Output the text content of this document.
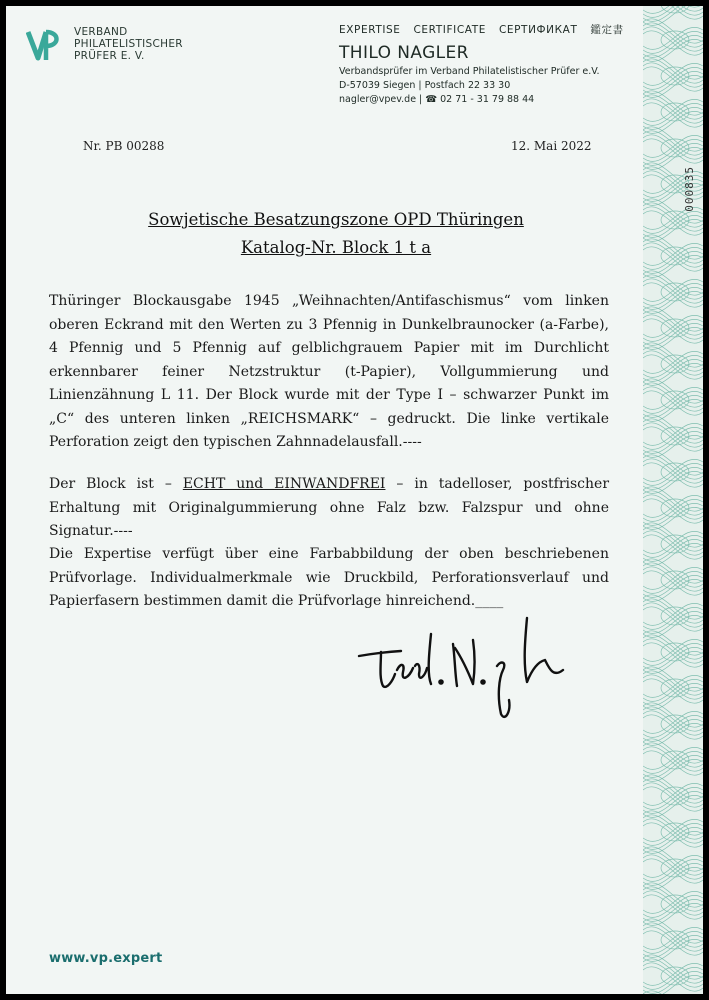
VERBAND
PHILATELISTISCHER
PRÜFER E. V.
EXPERTISE CERTIFICATE СЕРТИФИКАТ 鑑定書
THILO NAGLER
Verbandsprüfer im Verband Philatelistischer Prüfer e.V.
D-57039 Siegen | Postfach 22 33 30
nagler@vpev.de | ☎ 02 71 - 31 79 88 44
Nr. PB 00288	12. Mai 2022
000835
Sowjetische Besatzungszone OPD Thüringen
Katalog-Nr. Block 1 t a
Thüringer Blockausgabe 1945 „Weihnachten/Antifaschismus“ vom linken oberen Eckrand mit den Werten zu 3 Pfennig in Dunkelbraunocker (a-Farbe), 4 Pfennig und 5 Pfennig auf gelblichgrauem Papier mit im Durchlicht erkennbarer feiner Netzstruktur (t-Papier), Vollgummierung und Linienzähnung L 11. Der Block wurde mit der Type I – schwarzer Punkt im „C“ des unteren linken „REICHSMARK“ – gedruckt. Die linke vertikale Perforation zeigt den typischen Zahnnadelausfall.----
Der Block ist – ECHT und EINWANDFREI – in tadelloser, postfrischer Erhaltung mit Originalgummierung ohne Falz bzw. Falzspur und ohne Signatur.----
Die Expertise verfügt über eine Farbabbildung der oben beschriebenen Prüfvorlage. Individualmerkmale wie Druckbild, Perforationsverlauf und Papierfasern bestimmen damit die Prüfvorlage hinreichend.____
www.vp.expert
